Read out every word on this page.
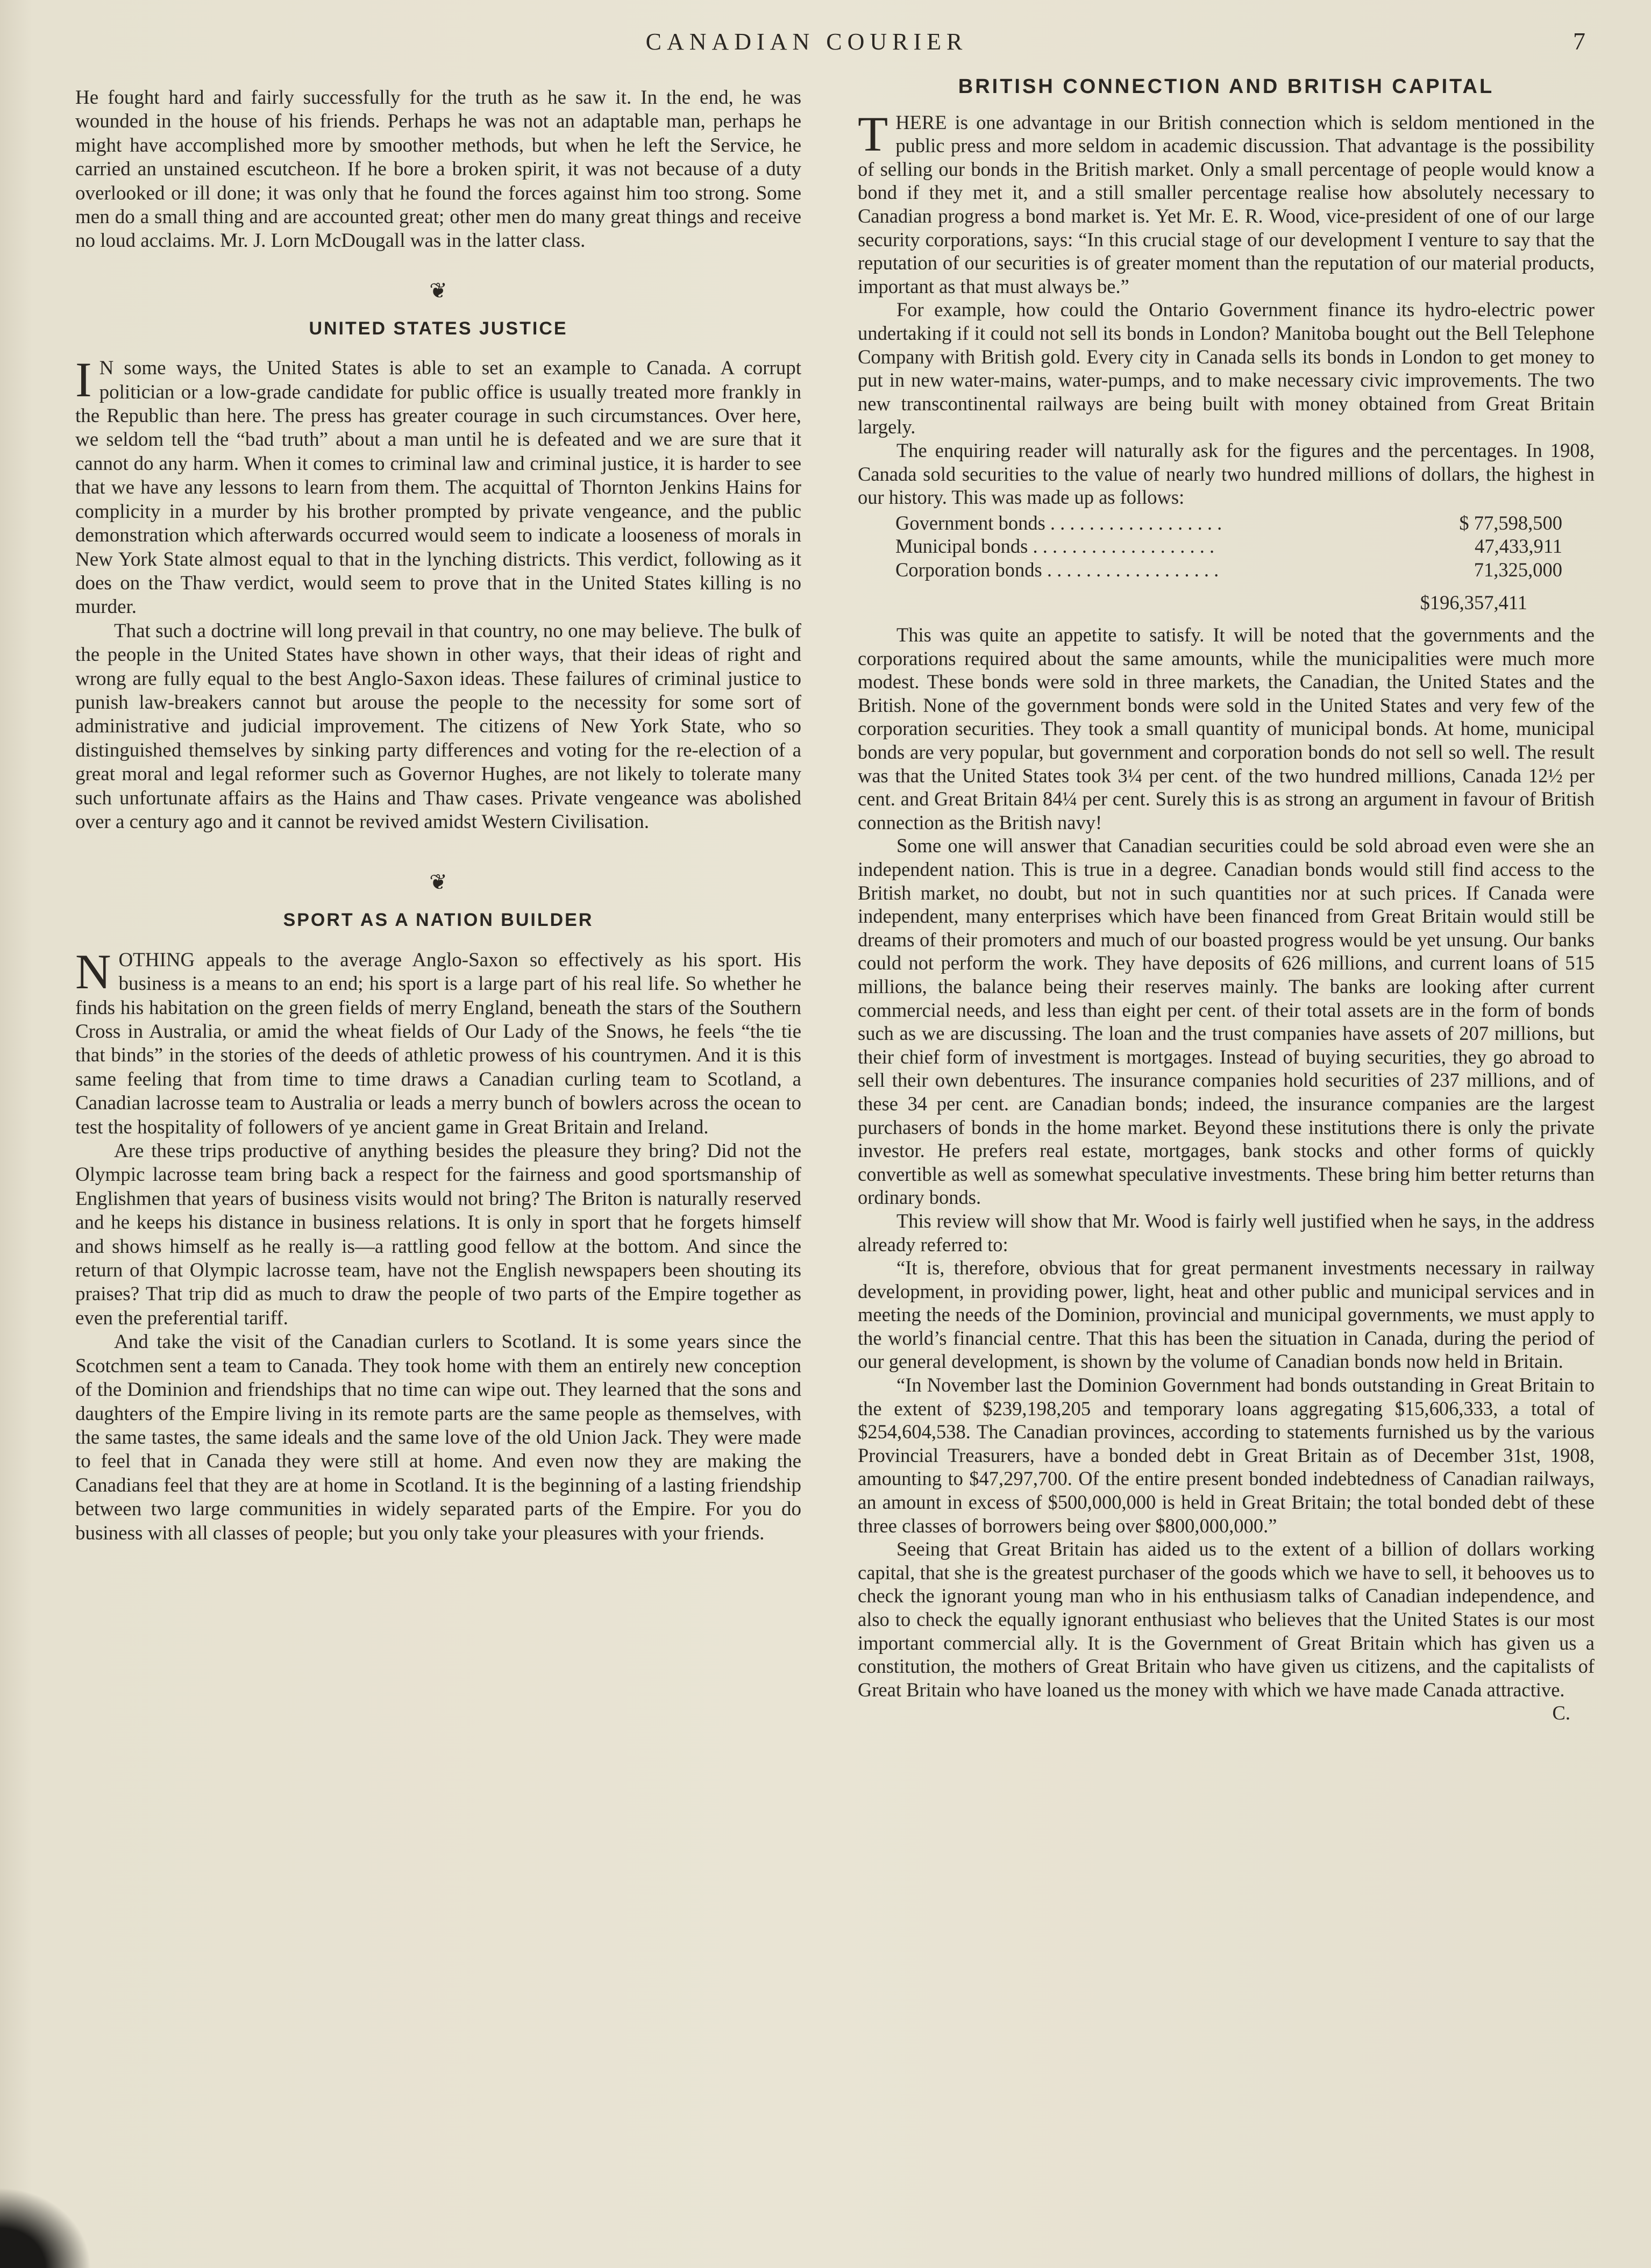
CANADIAN COURIER	7

He fought hard and fairly successfully for the truth as he saw it. In the end, he was wounded in the house of his friends. Perhaps he was not an adaptable man, perhaps he might have accomplished more by smoother methods, but when he left the Service, he carried an unstained escutcheon. If he bore a broken spirit, it was not because of a duty overlooked or ill done; it was only that he found the forces against him too strong. Some men do a small thing and are accounted great; other men do many great things and receive no loud acclaims. Mr. J. Lorn McDougall was in the latter class.

❦
UNITED STATES JUSTICE

I N some ways, the United States is able to set an example to Canada. A corrupt politician or a low-grade candidate for public office is usually treated more frankly in the Republic than here. The press has greater courage in such circumstances. Over here, we seldom tell the “bad truth” about a man until he is defeated and we are sure that it cannot do any harm. When it comes to criminal law and criminal justice, it is harder to see that we have any lessons to learn from them. The acquittal of Thornton Jenkins Hains for complicity in a murder by his brother prompted by private vengeance, and the public demonstration which afterwards occurred would seem to indicate a looseness of morals in New York State almost equal to that in the lynching districts. This verdict, following as it does on the Thaw verdict, would seem to prove that in the United States killing is no murder.

That such a doctrine will long prevail in that country, no one may believe. The bulk of the people in the United States have shown in other ways, that their ideas of right and wrong are fully equal to the best Anglo-Saxon ideas. These failures of criminal justice to punish law-breakers cannot but arouse the people to the necessity for some sort of administrative and judicial improvement. The citizens of New York State, who so distinguished themselves by sinking party differences and voting for the re-election of a great moral and legal reformer such as Governor Hughes, are not likely to tolerate many such unfortunate affairs as the Hains and Thaw cases. Private vengeance was abolished over a century ago and it cannot be revived amidst Western Civilisation.

❦
SPORT AS A NATION BUILDER

NOTHING appeals to the average Anglo-Saxon so effectively as his sport. His business is a means to an end; his sport is a large part of his real life. So whether he finds his habitation on the green fields of merry England, beneath the stars of the Southern Cross in Australia, or amid the wheat fields of Our Lady of the Snows, he feels “the tie that binds” in the stories of the deeds of athletic prowess of his countrymen. And it is this same feeling that from time to time draws a Canadian curling team to Scotland, a Canadian lacrosse team to Australia or leads a merry bunch of bowlers across the ocean to test the hospitality of followers of ye ancient game in Great Britain and Ireland.

Are these trips productive of anything besides the pleasure they bring? Did not the Olympic lacrosse team bring back a respect for the fairness and good sportsmanship of Englishmen that years of business visits would not bring? The Briton is naturally reserved and he keeps his distance in business relations. It is only in sport that he forgets himself and shows himself as he really is—a rattling good fellow at the bottom. And since the return of that Olympic lacrosse team, have not the English newspapers been shouting its praises? That trip did as much to draw the people of two parts of the Empire together as even the preferential tariff.

And take the visit of the Canadian curlers to Scotland. It is some years since the Scotchmen sent a team to Canada. They took home with them an entirely new conception of the Dominion and friendships that no time can wipe out. They learned that the sons and daughters of the Empire living in its remote parts are the same people as themselves, with the same tastes, the same ideals and the same love of the old Union Jack. They were made to feel that in Canada they were still at home. And even now they are making the Canadians feel that they are at home in Scotland. It is the beginning of a lasting friendship between two large communities in widely separated parts of the Empire. For you do business with all classes of people; but you only take your pleasures with your friends.

BRITISH CONNECTION AND BRITISH CAPITAL

THERE is one advantage in our British connection which is seldom mentioned in the public press and more seldom in academic discussion. That advantage is the possibility of selling our bonds in the British market. Only a small percentage of people would know a bond if they met it, and a still smaller percentage realise how absolutely necessary to Canadian progress a bond market is. Yet Mr. E. R. Wood, vice-president of one of our large security corporations, says: “In this crucial stage of our development I venture to say that the reputation of our securities is of greater moment than the reputation of our material products, important as that must always be.”

For example, how could the Ontario Government finance its hydro-electric power undertaking if it could not sell its bonds in London? Manitoba bought out the Bell Telephone Company with British gold. Every city in Canada sells its bonds in London to get money to put in new water-mains, water-pumps, and to make necessary civic improvements. The two new transcontinental railways are being built with money obtained from Great Britain largely.

The enquiring reader will naturally ask for the figures and the percentages. In 1908, Canada sold securities to the value of nearly two hundred millions of dollars, the highest in our history. This was made up as follows:

Government bonds . . . . . . . . . . . . . . . . . .	$ 77,598,500
Municipal bonds . . . . . . . . . . . . . . . . . . .	47,433,911
Corporation bonds . . . . . . . . . . . . . . . . . .	71,325,000
$196,357,411

This was quite an appetite to satisfy. It will be noted that the governments and the corporations required about the same amounts, while the municipalities were much more modest. These bonds were sold in three markets, the Canadian, the United States and the British. None of the government bonds were sold in the United States and very few of the corporation securities. They took a small quantity of municipal bonds. At home, municipal bonds are very popular, but government and corporation bonds do not sell so well. The result was that the United States took 3¼ per cent. of the two hundred millions, Canada 12½ per cent. and Great Britain 84¼ per cent. Surely this is as strong an argument in favour of British connection as the British navy!

Some one will answer that Canadian securities could be sold abroad even were she an independent nation. This is true in a degree. Canadian bonds would still find access to the British market, no doubt, but not in such quantities nor at such prices. If Canada were independent, many enterprises which have been financed from Great Britain would still be dreams of their promoters and much of our boasted progress would be yet unsung. Our banks could not perform the work. They have deposits of 626 millions, and current loans of 515 millions, the balance being their reserves mainly. The banks are looking after current commercial needs, and less than eight per cent. of their total assets are in the form of bonds such as we are discussing. The loan and the trust companies have assets of 207 millions, but their chief form of investment is mortgages. Instead of buying securities, they go abroad to sell their own debentures. The insurance companies hold securities of 237 millions, and of these 34 per cent. are Canadian bonds; indeed, the insurance companies are the largest purchasers of bonds in the home market. Beyond these institutions there is only the private investor. He prefers real estate, mortgages, bank stocks and other forms of quickly convertible as well as somewhat speculative investments. These bring him better returns than ordinary bonds.

This review will show that Mr. Wood is fairly well justified when he says, in the address already referred to:

“It is, therefore, obvious that for great permanent investments necessary in railway development, in providing power, light, heat and other public and municipal services and in meeting the needs of the Dominion, provincial and municipal governments, we must apply to the world’s financial centre. That this has been the situation in Canada, during the period of our general development, is shown by the volume of Canadian bonds now held in Britain.

“In November last the Dominion Government had bonds outstanding in Great Britain to the extent of $239,198,205 and temporary loans aggregating $15,606,333, a total of $254,604,538. The Canadian provinces, according to statements furnished us by the various Provincial Treasurers, have a bonded debt in Great Britain as of December 31st, 1908, amounting to $47,297,700. Of the entire present bonded indebtedness of Canadian railways, an amount in excess of $500,000,000 is held in Great Britain; the total bonded debt of these three classes of borrowers being over $800,000,000.”

Seeing that Great Britain has aided us to the extent of a billion of dollars working capital, that she is the greatest purchaser of the goods which we have to sell, it behooves us to check the ignorant young man who in his enthusiasm talks of Canadian independence, and also to check the equally ignorant enthusiast who believes that the United States is our most important commercial ally. It is the Government of Great Britain which has given us a constitution, the mothers of Great Britain who have given us citizens, and the capitalists of Great Britain who have loaned us the money with which we have made Canada attractive.

C.
